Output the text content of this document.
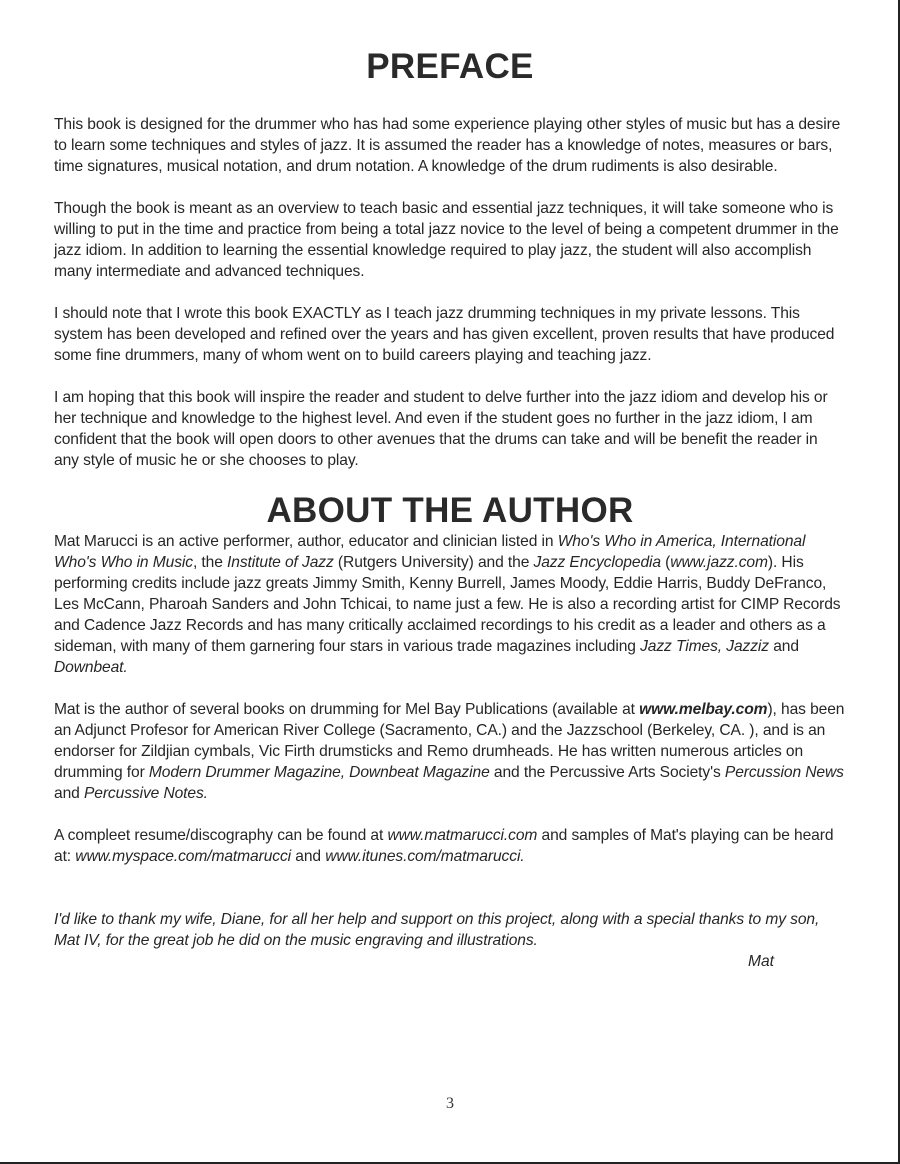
PREFACE

This book is designed for the drummer who has had some experience playing other styles of music but has a desire to learn some techniques and styles of jazz. It is assumed the reader has a knowledge of notes, measures or bars, time signatures, musical notation, and drum notation. A knowledge of the drum rudiments is also desirable.

Though the book is meant as an overview to teach basic and essential jazz techniques, it will take someone who is willing to put in the time and practice from being a total jazz novice to the level of being a competent drummer in the jazz idiom. In addition to learning the essential knowledge required to play jazz, the student will also accomplish many intermediate and advanced techniques.

I should note that I wrote this book EXACTLY as I teach jazz drumming techniques in my private lessons. This system has been developed and refined over the years and has given excellent, proven results that have produced some fine drummers, many of whom went on to build careers playing and teaching jazz.

I am hoping that this book will inspire the reader and student to delve further into the jazz idiom and develop his or her technique and knowledge to the highest level. And even if the student goes no further in the jazz idiom, I am confident that the book will open doors to other avenues that the drums can take and will be benefit the reader in any style of music he or she chooses to play.

ABOUT THE AUTHOR

Mat Marucci is an active performer, author, educator and clinician listed in Who's Who in America, International Who's Who in Music, the Institute of Jazz (Rutgers University) and the Jazz Encyclopedia (www.jazz.com). His performing credits include jazz greats Jimmy Smith, Kenny Burrell, James Moody, Eddie Harris, Buddy DeFranco, Les McCann, Pharoah Sanders and John Tchicai, to name just a few. He is also a recording artist for CIMP Records and Cadence Jazz Records and has many critically acclaimed recordings to his credit as a leader and others as a sideman, with many of them garnering four stars in various trade magazines including Jazz Times, Jazziz and Downbeat.

Mat is the author of several books on drumming for Mel Bay Publications (available at www.melbay.com), has been an Adjunct Profesor for American River College (Sacramento, CA.) and the Jazzschool (Berkeley, CA. ), and is an endorser for Zildjian cymbals, Vic Firth drumsticks and Remo drumheads. He has written numerous articles on drumming for Modern Drummer Magazine, Downbeat Magazine and the Percussive Arts Society's Percussion News and Percussive Notes.

A compleet resume/discography can be found at www.matmarucci.com and samples of Mat's playing can be heard at: www.myspace.com/matmarucci and www.itunes.com/matmarucci.

I'd like to thank my wife, Diane, for all her help and support on this project, along with a special thanks to my son, Mat IV, for the great job he did on the music engraving and illustrations.

Mat
3
